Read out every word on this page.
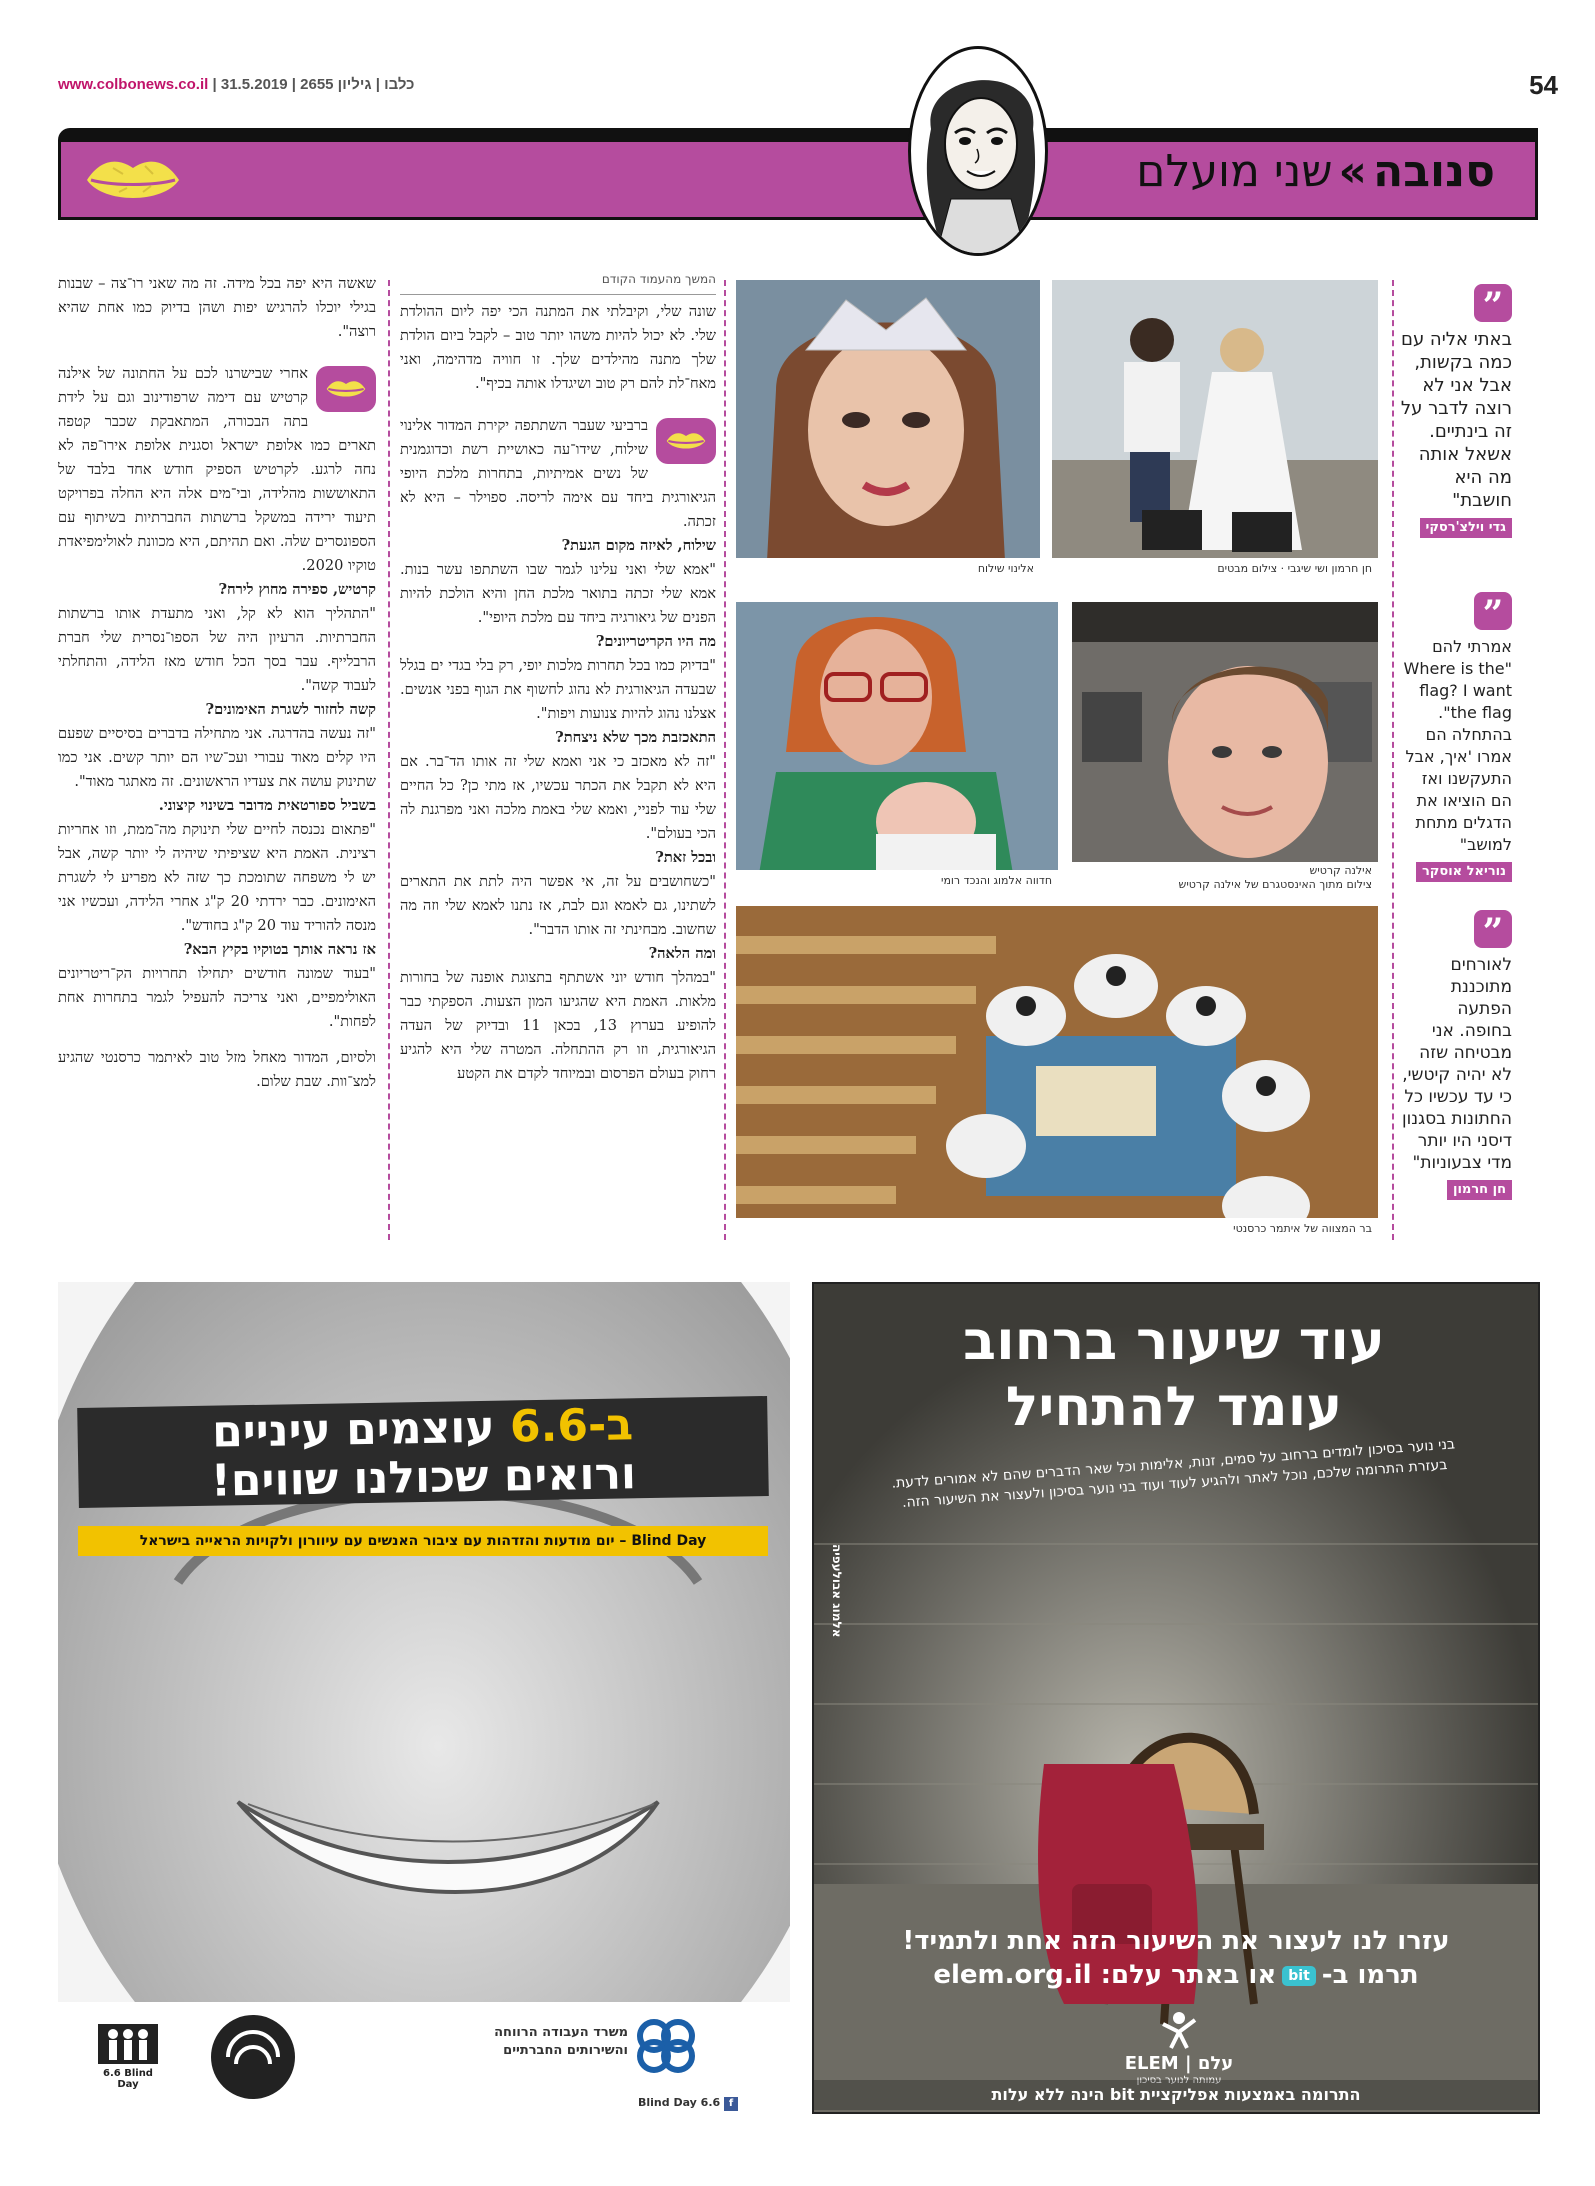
www.colbonews.co.il | כלבו | גיליון 2655 | 31.5.2019	54
סנובה»שני מועלם
”
באתי אליה עם כמה בקשות, אבל אני לא רוצה לדבר על זה בינתיים. אשאל אותה מה היא חושבת"
גדי וילצ'רסקי
”
אמרתי להם "Where is the flag? I want the flag". בהתחלה הם אמרו 'איך, אבל התעקשנו ואז הם הוציאו את הדגלים מתחת למושב"
נוריאל אוסקר
”
לאורחים מתוכננת הפתעה בחופה. אני מבטיחה שזה לא יהיה קיטשי, כי עד עכשיו כל החתונות בסגנון דיסני היו יותר מדי צבעוניות"
חן חרמון
חן חרמון ושי שיגבי · צילום מבטים
אלינוי שילוח
אילנה קרטיש
צילום מתוך האינסטגרם של אילנה קרטיש
חדווה אלמוג והנכד רומי
בר המצווה של איתמר כרסנטי
המשך מהעמוד הקודם

שונה שלי, וקיבלתי את המתנה הכי יפה ליום ההולדת שלי. לא יכול להיות משהו יותר טוב – לקבל ביום הולדת שלך מתנה מהילדים שלך. זו חוויה מדהימה, ואני מאח־לת להם רק טוב ושיגדלו אותה בכיף".

ברביעי שעבר השתתפה יקירת המדור אלינוי שילוח, שידו־עה כאושיית רשת וכדוגמנית של נשים אמיתיות, בתחרות מלכת היופי הגיאורגית ביחד עם אימה לריסה. ספוילר – היא לא זכתה.

שילוח, לאיזה מקום הגעת?

"אמא שלי ואני עלינו לגמר שבו השתתפו עשר בנות. אמא שלי זכתה בתואר מלכת החן והיא הולכת להיות הפנים של גיאורגיה ביחד עם מלכת היופי".

מה היו הקריטריונים?

"בדיוק כמו בכל תחרות מלכות יופי, רק בלי בגדי ים בגלל שבעדה הגיאורגית לא נהוג לחשוף את הגוף בפני אנשים. אצלנו נהוג להיות צנועות ויפות".

התאכזבת מכך שלא ניצחת?

"זה לא מאכזב כי אני ואמא שלי זה אותו הד־בר. אם היא לא תקבל את הכתר עכשיו, אז מתי כן? כל החיים שלי עוד לפניי, ואמא שלי באמת מלכה ואני מפרגנת לה הכי בעולם".

ובכל זאת?

"כשחושבים על זה, אי אפשר היה לתת את התארים לשתינו, גם לאמא וגם לבת, אז נתנו לאמא שלי וזה מה שחשוב. מבחינתי זה אותו הדבר".

ומה הלאה?

"במהלך חודש יוני אשתתף בתצוגת אופנה של בחורות מלאות. האמת היא שהגיעו המון הצעות. הספקתי כבר להופיע בערוץ 13, בכאן 11 ובדיוק של העדה הגיאורגית, וזו רק ההתחלה. המטרה שלי היא להגיע רחוק בעולם הפרסום ובמיוחד לקדם את הקטע

שאשה היא יפה בכל מידה. זה מה שאני רו־צה – שבנות בגילי יוכלו להרגיש יפות ושהן בדיוק כמו אחת שהיא רוצה".

אחרי שבישרנו לכם על החתונה של אילנה קרטיש עם דימה שרפודינוב וגם על לידת בתה הבכורה, המתאבקת שכבר קטפה תארים כמו אלופת ישראל וסגנית אלופת אירו־פה לא נחה לרגע. לקרטיש הספיק חודש אחד בלבד של התאוששות מהלידה, ובי־מים אלה היא החלה בפרויקט תיעוד ירידה במשקל ברשתות החברתיות בשיתוף עם הספונסרים שלה. ואם תהיתם, היא מכוונת לאולימפיאדת טוקיו 2020.

קרטיש, ספירה מחוץ לירח?

"התהליך הוא לא קל, ואני מתעדת אותו ברשתות החברתיות. הרעיון היה של הספו־נסרית שלי חברת הרבלייף. עבר בסך הכל חודש מאז הלידה, והתחלתי לעבוד קשה".

קשה לחזור לשגרת האימונים?

"זה נעשה בהדרגה. אני מתחילה בדברים בסיסיים שפעם היו קלים מאוד עבורי ועכ־שיו הם יותר קשים. אני כמו שתינוק עושה את צעדיו הראשונים. זה מאתגר מאוד".

בשביל ספורטאית מדובר בשינוי קיצוני.

"פתאום נכנסה לחיים שלי תינוקת מה־ממת, וזו אחריות רצינית. האמת היא שציפיתי שיהיה לי יותר קשה, אבל יש לי משפחה שתומכת כך שזה לא מפריע לי לשגרת האימונים. כבר ירדתי 20 ק"ג אחרי הלידה, ועכשיו אני מנסה להוריד עוד 20 ק"ג בחודש".

אז נראה אותך בטוקיו בקיץ הבא?

"בעוד שמונה חודשים יתחילו תחרויות הק־ריטריונים האולימפיים, ואני צריכה להעפיל לגמר בתחרות אחת לפחות".

ולסיום, המדור מאחל מזל טוב לאיתמר כרסנטי שהגיע למצ־וות. שבת שלום.

ב-6.6 עוצמים עיניים
ורואים שכולנו שווים!
Blind Day – יום מודעות והזדהות עם ציבור האנשים עם עיוורון ולקויות הראייה בישראל
6.6 Blind Day
משרד העבודה הרווחה והשירותים החברתיים
Blind Day 6.6 f
עוד שיעור ברחוב
עומד להתחיל
בני נוער בסיכון לומדים ברחוב על סמים, זנות, אלימות וכל שאר הדברים שהם לא אמורים לדעת. בעזרת התרומה שלכם, נוכל לאתר ולהגיע לעוד ועוד בני נוער בסיכון ולעצור את השיעור הזה.
אלמוג אבולעפיה
עזרו לנו לעצור את השיעור הזה אחת ולתמיד!
תרמו ב-bitאו באתר עלם: elem.org.il
ELEM | עלם
עמותה לנוער בסיכון
התרומה באמצעות אפליקציית bit הינה ללא עלות
